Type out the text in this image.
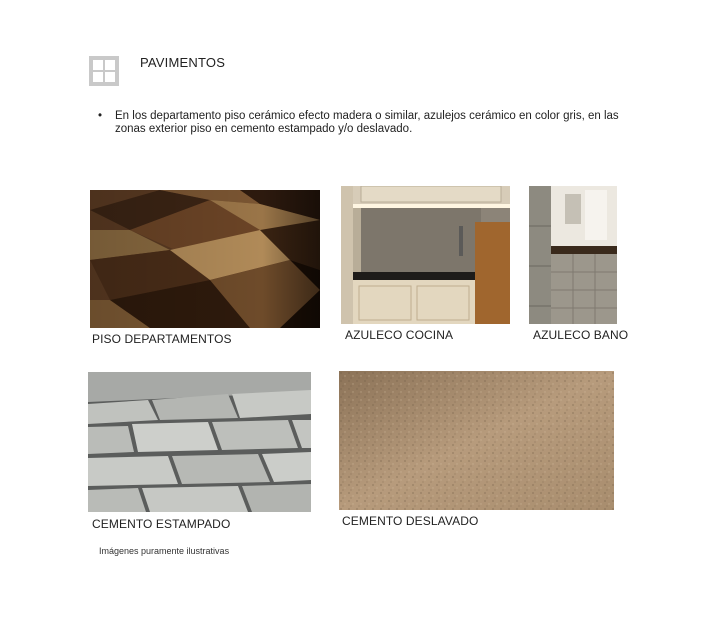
PAVIMENTOS
•	En los departamento piso cerámico efecto madera o similar, azulejos cerámico en color gris, en las zonas exterior piso en cemento estampado y/o deslavado.
PISO DEPARTAMENTOS	AZULECO COCINA	AZULECO BANO
CEMENTO ESTAMPADO	CEMENTO DESLAVADO
Imágenes puramente ilustrativas
